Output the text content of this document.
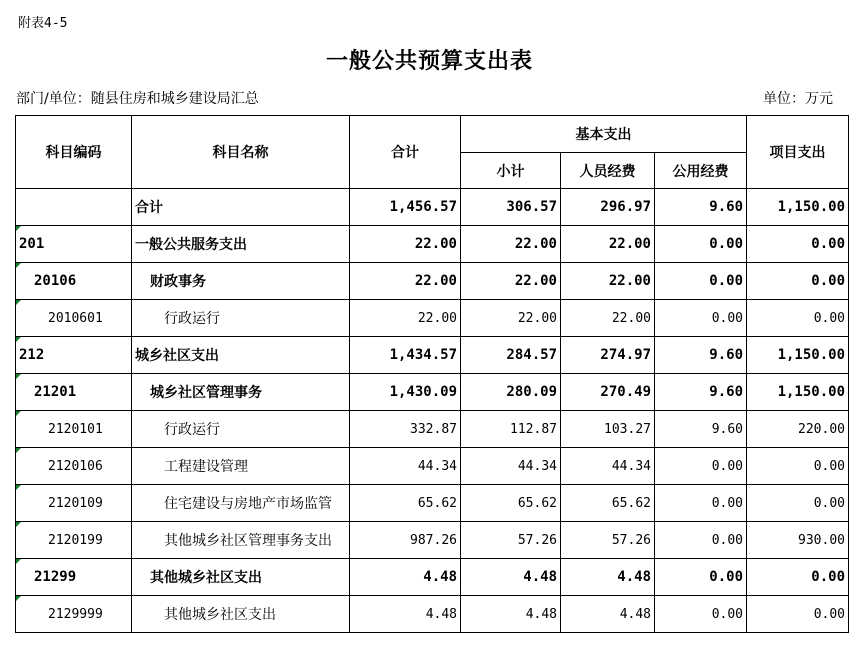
附表4-5
一般公共预算支出表
部门/单位：随县住房和城乡建设局汇总	单位：万元
科目编码	科目名称	合计	基本支出			项目支出
			小计	人员经费	公用经费	
	合计	1,456.57	306.57	296.97	9.60	1,150.00
201	一般公共服务支出	22.00	22.00	22.00	0.00	0.00
20106	财政事务	22.00	22.00	22.00	0.00	0.00
2010601	行政运行	22.00	22.00	22.00	0.00	0.00
212	城乡社区支出	1,434.57	284.57	274.97	9.60	1,150.00
21201	城乡社区管理事务	1,430.09	280.09	270.49	9.60	1,150.00
2120101	行政运行	332.87	112.87	103.27	9.60	220.00
2120106	工程建设管理	44.34	44.34	44.34	0.00	0.00
2120109	住宅建设与房地产市场监管	65.62	65.62	65.62	0.00	0.00
2120199	其他城乡社区管理事务支出	987.26	57.26	57.26	0.00	930.00
21299	其他城乡社区支出	4.48	4.48	4.48	0.00	0.00
2129999	其他城乡社区支出	4.48	4.48	4.48	0.00	0.00
